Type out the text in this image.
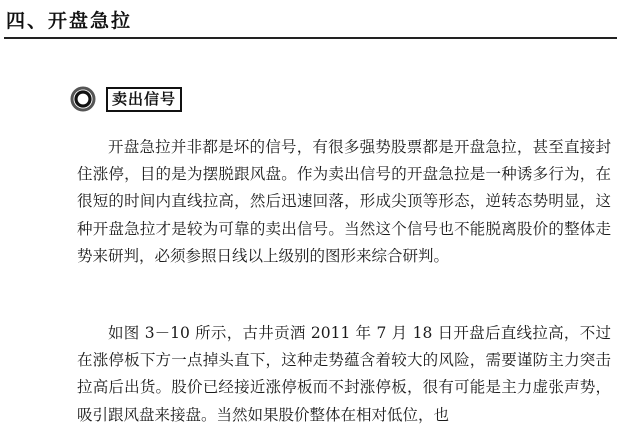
四、开盘急拉
卖出信号

开盘急拉并非都是坏的信号，有很多强势股票都是开盘急拉，甚至直接封住涨停，目的是为摆脱跟风盘。作为卖出信号的开盘急拉是一种诱多行为，在很短的时间内直线拉高，然后迅速回落，形成尖顶等形态，逆转态势明显，这种开盘急拉才是较为可靠的卖出信号。当然这个信号也不能脱离股价的整体走势来研判，必须参照日线以上级别的图形来综合研判。

如图 3－10 所示，古井贡酒 2011 年 7 月 18 日开盘后直线拉高，不过在涨停板下方一点掉头直下，这种走势蕴含着较大的风险，需要谨防主力突击拉高后出货。股价已经接近涨停板而不封涨停板，很有可能是主力虚张声势，吸引跟风盘来接盘。当然如果股价整体在相对低位，也
